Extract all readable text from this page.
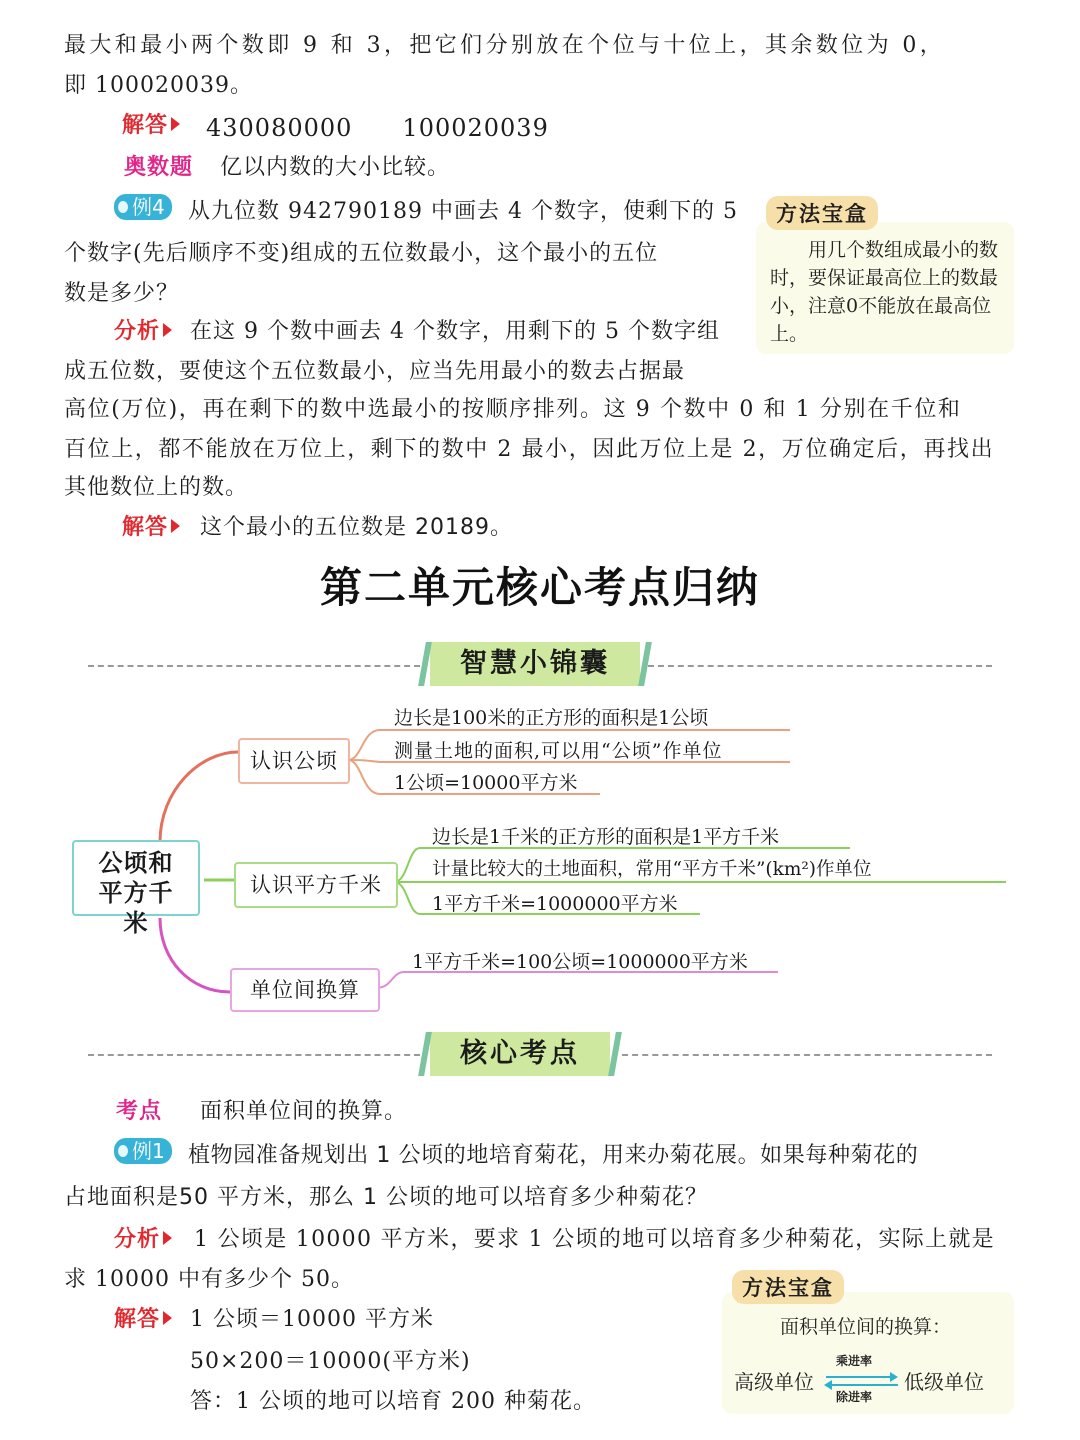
最大和最小两个数即 9 和 3，把它们分别放在个位与十位上，其余数位为 0，
即 100020039。
解答	430080000　　100020039
奥数题 亿以内数的大小比较。
例4	从九位数 942790189 中画去 4 个数字，使剩下的 5
个数字(先后顺序不变)组成的五位数最小，这个最小的五位
数是多少？
分析	在这 9 个数中画去 4 个数字，用剩下的 5 个数字组
成五位数，要使这个五位数最小，应当先用最小的数去占据最
高位(万位)，再在剩下的数中选最小的按顺序排列。这 9 个数中 0 和 1 分别在千位和
百位上，都不能放在万位上，剩下的数中 2 最小，因此万位上是 2，万位确定后，再找出
其他数位上的数。
解答	这个最小的五位数是 20189。
方法宝盒
用几个数组成最小的数时，要保证最高位上的数最小，注意0不能放在最高位上。
第二单元核心考点归纳
智慧小锦囊
公顷和平方千米
认识公顷
边长是100米的正方形的面积是1公顷
测量土地的面积,可以用“公顷”作单位
1公顷=10000平方米
认识平方千米
边长是1千米的正方形的面积是1平方千米
计量比较大的土地面积，常用“平方千米”(km²)作单位
1平方千米=1000000平方米
单位间换算
1平方千米=100公顷=1000000平方米
核心考点
考点 面积单位间的换算。
例1	植物园准备规划出 1 公顷的地培育菊花，用来办菊花展。如果每种菊花的
占地面积是50 平方米，那么 1 公顷的地可以培育多少种菊花？
分析	1 公顷是 10000 平方米，要求 1 公顷的地可以培育多少种菊花，实际上就是
求 10000 中有多少个 50。
解答	1 公顷＝10000 平方米
50×200＝10000(平方米)
答：1 公顷的地可以培育 200 种菊花。
方法宝盒
面积单位间的换算：
高级单位	低级单位
乘进率
除进率
